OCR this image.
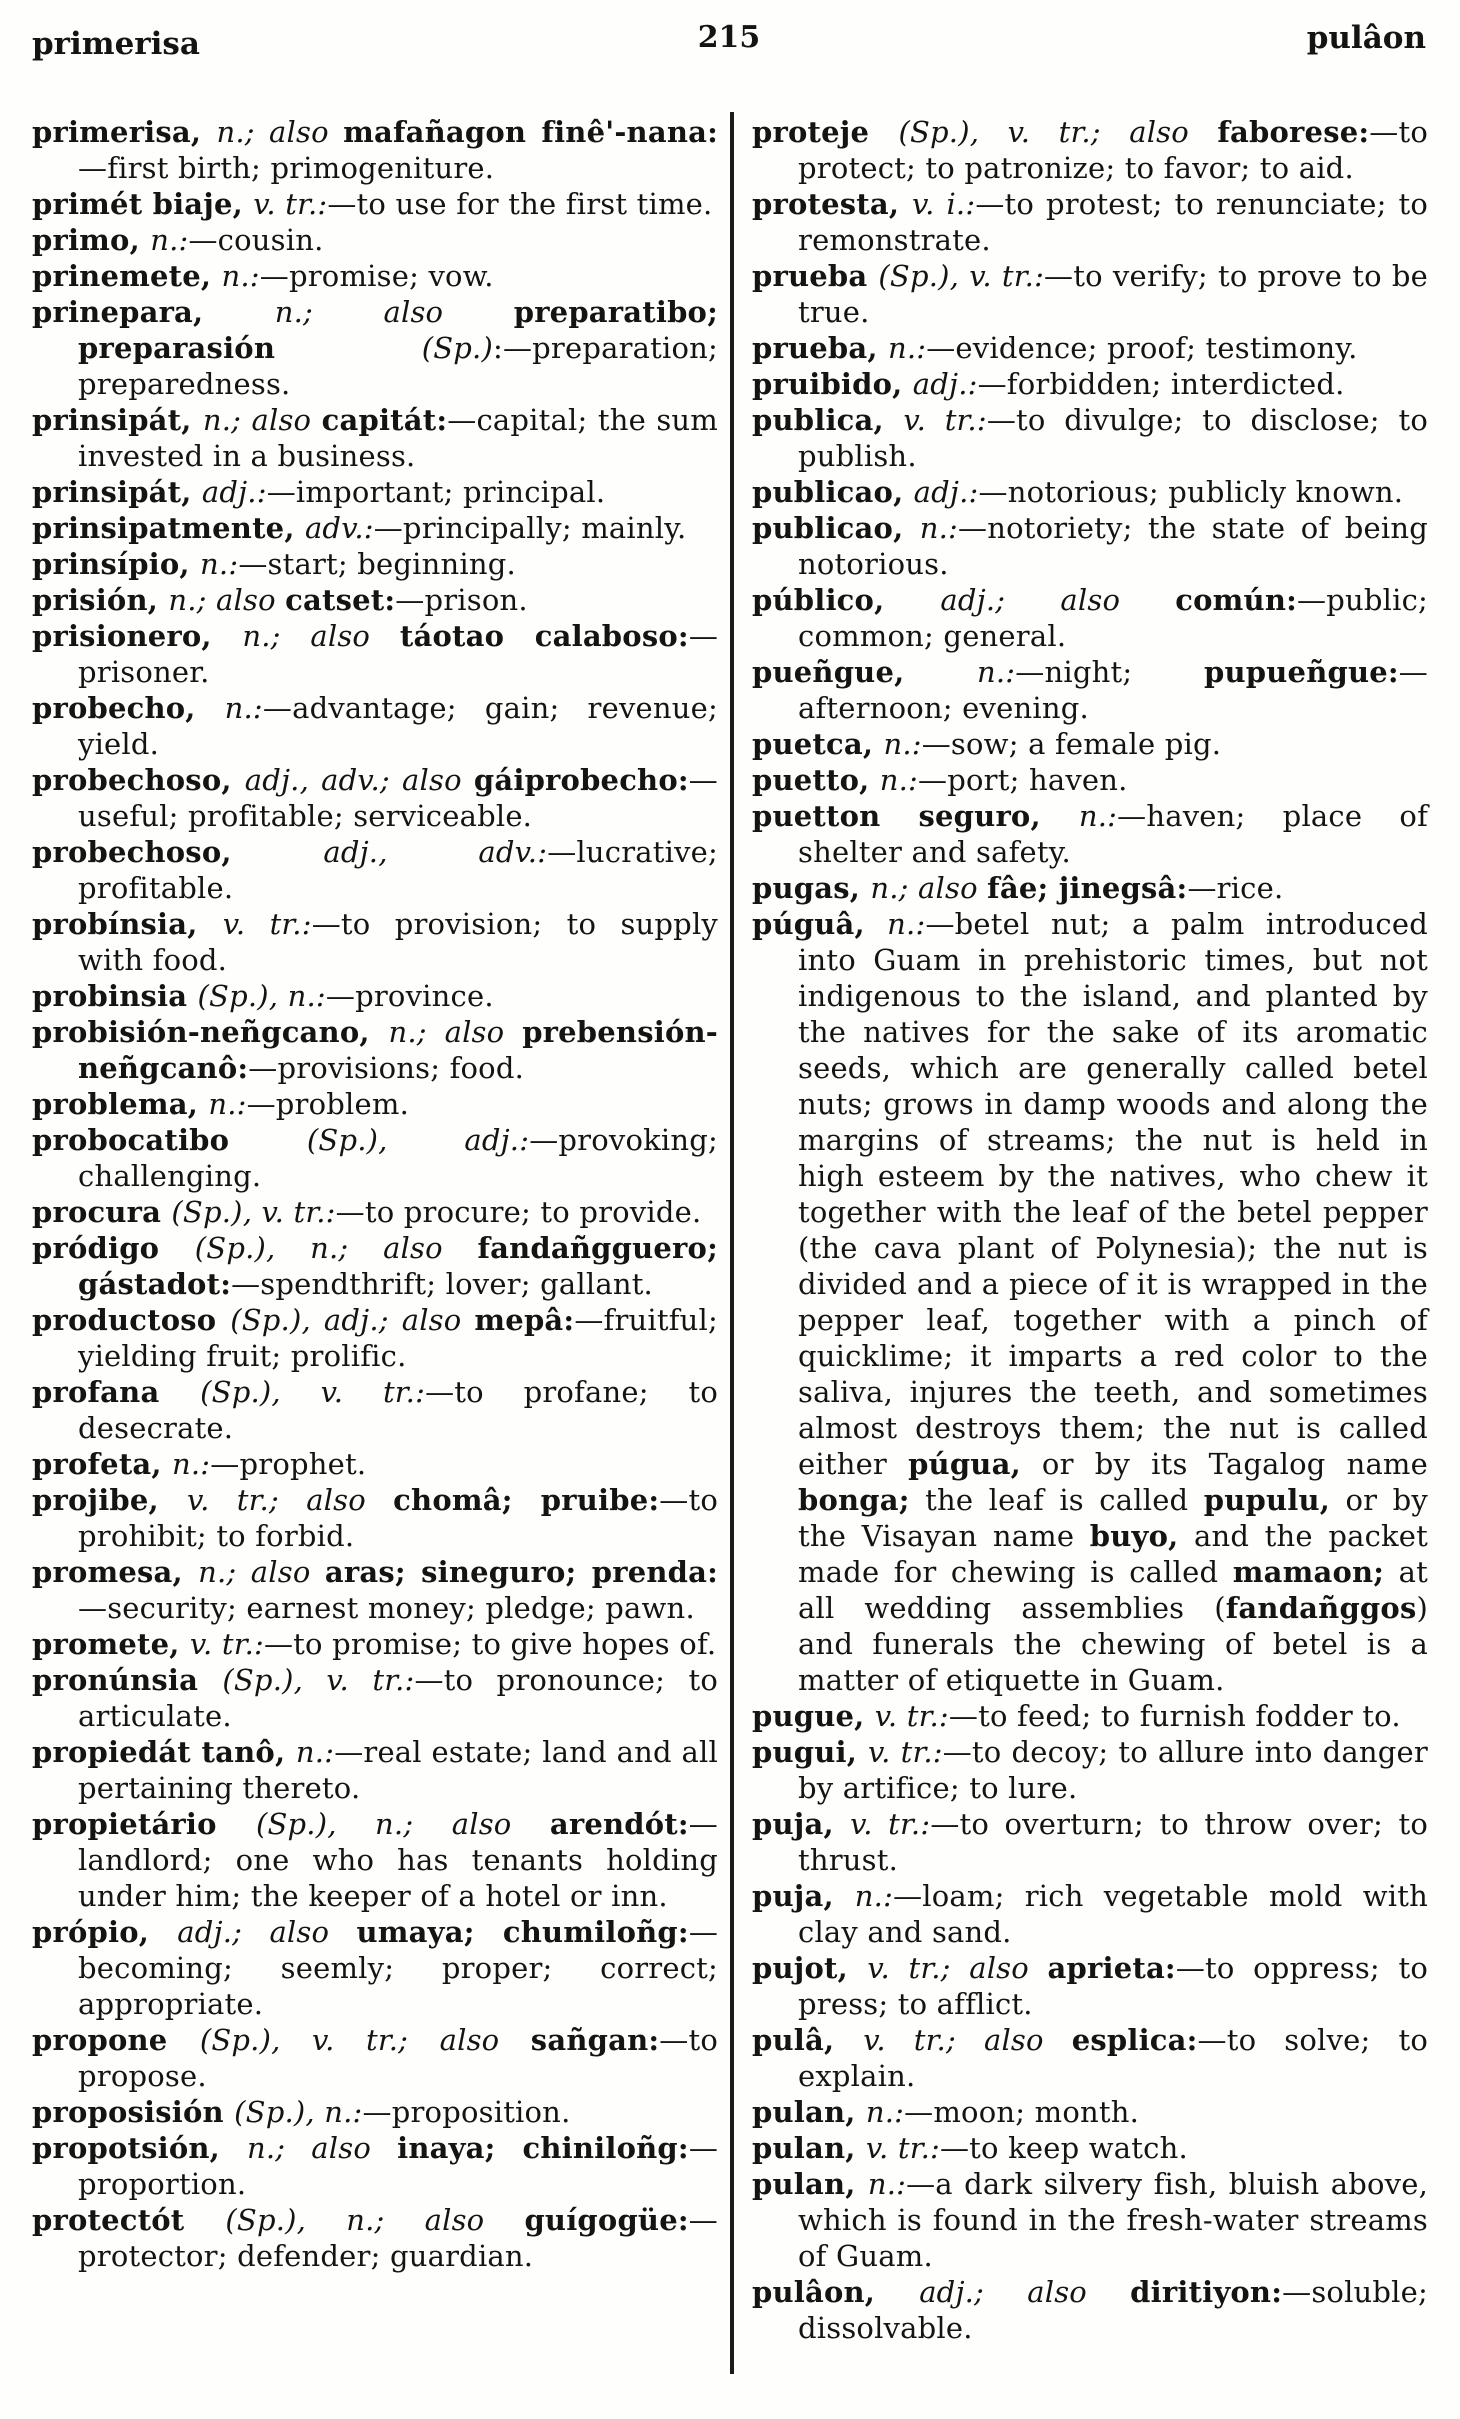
primerisa	215	pulâon
primerisa, n.; also mafañagon finê'-nana:—first birth; primogeniture.
primét biaje, v. tr.:—to use for the first time.
primo, n.:—cousin.
prinemete, n.:—promise; vow.
prinepara, n.; also preparatibo; preparasión (Sp.):—preparation; preparedness.
prinsipát, n.; also capitát:—capital; the sum invested in a business.
prinsipát, adj.:—important; principal.
prinsipatmente, adv.:—principally; mainly.
prinsípio, n.:—start; beginning.
prisión, n.; also catset:—prison.
prisionero, n.; also táotao calaboso:—prisoner.
probecho, n.:—advantage; gain; revenue; yield.
probechoso, adj., adv.; also gáiprobecho:—useful; profitable; serviceable.
probechoso, adj., adv.:—lucrative; profitable.
probínsia, v. tr.:—to provision; to supply with food.
probinsia (Sp.), n.:—province.
probisión-neñgcano, n.; also prebensión-neñgcanô:—provisions; food.
problema, n.:—problem.
probocatibo (Sp.), adj.:—provoking; challenging.
procura (Sp.), v. tr.:—to procure; to provide.
pródigo (Sp.), n.; also fandañgguero; gástadot:—spendthrift; lover; gallant.
productoso (Sp.), adj.; also mepâ:—fruitful; yielding fruit; prolific.
profana (Sp.), v. tr.:—to profane; to desecrate.
profeta, n.:—prophet.
projibe, v. tr.; also chomâ; pruibe:—to prohibit; to forbid.
promesa, n.; also aras; sineguro; prenda:—security; earnest money; pledge; pawn.
promete, v. tr.:—to promise; to give hopes of.
pronúnsia (Sp.), v. tr.:—to pronounce; to articulate.
propiedát tanô, n.:—real estate; land and all pertaining thereto.
propietário (Sp.), n.; also arendót:—landlord; one who has tenants holding under him; the keeper of a hotel or inn.
própio, adj.; also umaya; chumiloñg:—becoming; seemly; proper; correct; appropriate.
propone (Sp.), v. tr.; also sañgan:—to propose.
proposisión (Sp.), n.:—proposition.
propotsión, n.; also inaya; chiniloñg:—proportion.
protectót (Sp.), n.; also guígogüe:—protector; defender; guardian.
proteje (Sp.), v. tr.; also faborese:—to protect; to patronize; to favor; to aid.
protesta, v. i.:—to protest; to renunciate; to remonstrate.
prueba (Sp.), v. tr.:—to verify; to prove to be true.
prueba, n.:—evidence; proof; testimony.
pruibido, adj.:—forbidden; interdicted.
publica, v. tr.:—to divulge; to disclose; to publish.
publicao, adj.:—notorious; publicly known.
publicao, n.:—notoriety; the state of being notorious.
público, adj.; also común:—public; common; general.
pueñgue, n.:—night; pupueñgue:—afternoon; evening.
puetca, n.:—sow; a female pig.
puetto, n.:—port; haven.
puetton seguro, n.:—haven; place of shelter and safety.
pugas, n.; also fâe; jinegsâ:—rice.
púguâ, n.:—betel nut; a palm introduced into Guam in prehistoric times, but not indigenous to the island, and planted by the natives for the sake of its aromatic seeds, which are generally called betel nuts; grows in damp woods and along the margins of streams; the nut is held in high esteem by the natives, who chew it together with the leaf of the betel pepper (the cava plant of Polynesia); the nut is divided and a piece of it is wrapped in the pepper leaf, together with a pinch of quicklime; it imparts a red color to the saliva, injures the teeth, and sometimes almost destroys them; the nut is called either púgua, or by its Tagalog name bonga; the leaf is called pupulu, or by the Visayan name buyo, and the packet made for chewing is called mamaon; at all wedding assemblies (fandañggos) and funerals the chewing of betel is a matter of etiquette in Guam.
pugue, v. tr.:—to feed; to furnish fodder to.
pugui, v. tr.:—to decoy; to allure into danger by artifice; to lure.
puja, v. tr.:—to overturn; to throw over; to thrust.
puja, n.:—loam; rich vegetable mold with clay and sand.
pujot, v. tr.; also aprieta:—to oppress; to press; to afflict.
pulâ, v. tr.; also esplica:—to solve; to explain.
pulan, n.:—moon; month.
pulan, v. tr.:—to keep watch.
pulan, n.:—a dark silvery fish, bluish above, which is found in the fresh-water streams of Guam.
pulâon, adj.; also diritiyon:—soluble; dissolvable.
